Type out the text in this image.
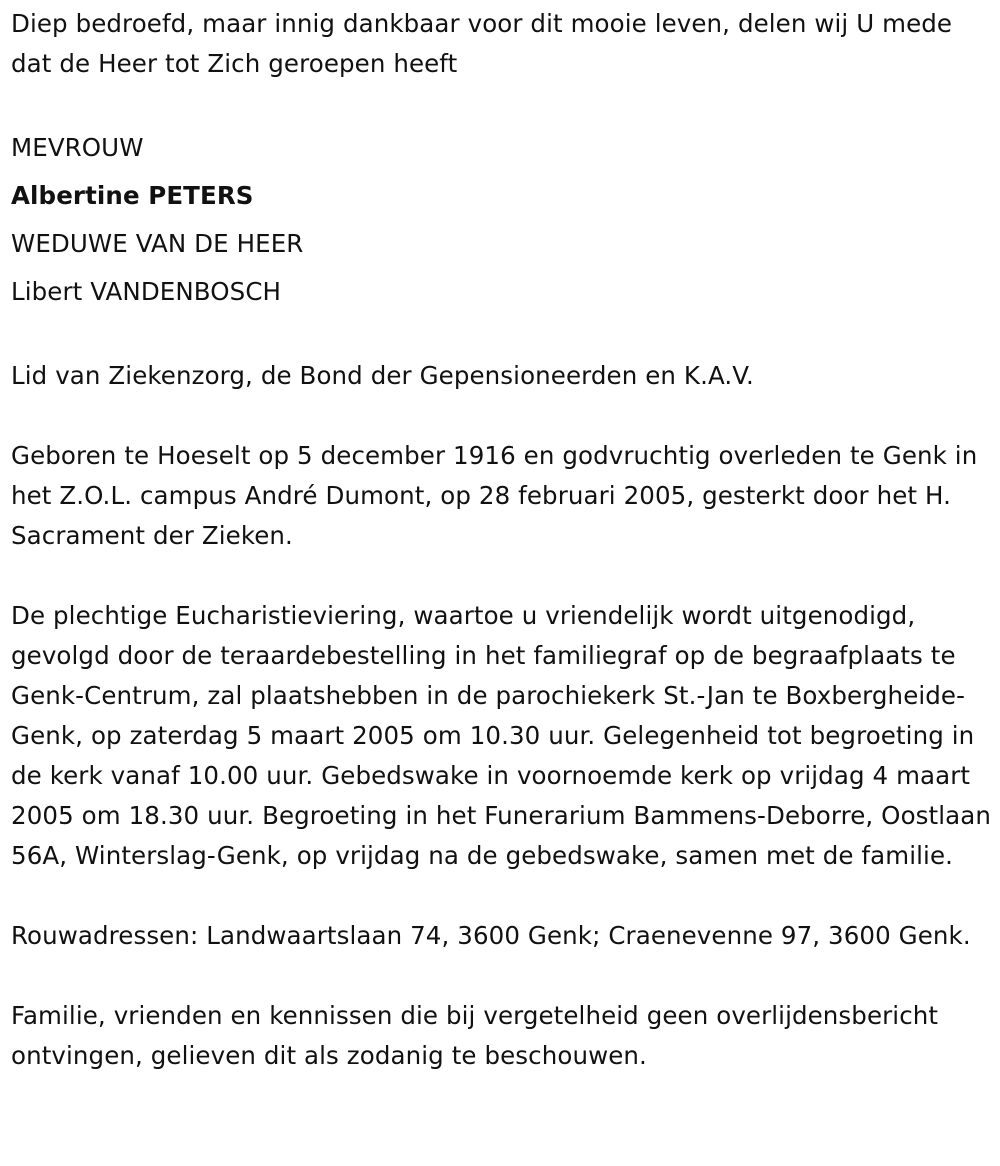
Diep bedroefd, maar innig dankbaar voor dit mooie leven, delen wij U mede dat de Heer tot Zich geroepen heeft

MEVROUW

Albertine PETERS

WEDUWE VAN DE HEER

Libert VANDENBOSCH

Lid van Ziekenzorg, de Bond der Gepensioneerden en K.A.V.

Geboren te Hoeselt op 5 december 1916 en godvruchtig overleden te Genk in het Z.O.L. campus André Dumont, op 28 februari 2005, gesterkt door het H. Sacrament der Zieken.

De plechtige Eucharistieviering, waartoe u vriendelijk wordt uitgenodigd, gevolgd door de teraardebestelling in het familiegraf op de begraafplaats te Genk-Centrum, zal plaatshebben in de parochiekerk St.-Jan te Boxbergheide-Genk, op zaterdag 5 maart 2005 om 10.30 uur. Gelegenheid tot begroeting in de kerk vanaf 10.00 uur. Gebedswake in voornoemde kerk op vrijdag 4 maart 2005 om 18.30 uur. Begroeting in het Funerarium Bammens-Deborre, Oostlaan 56A, Winterslag-Genk, op vrijdag na de gebedswake, samen met de familie.

Rouwadressen: Landwaartslaan 74, 3600 Genk; Craenevenne 97, 3600 Genk.

Familie, vrienden en kennissen die bij vergetelheid geen overlijdensbericht ontvingen, gelieven dit als zodanig te beschouwen.
